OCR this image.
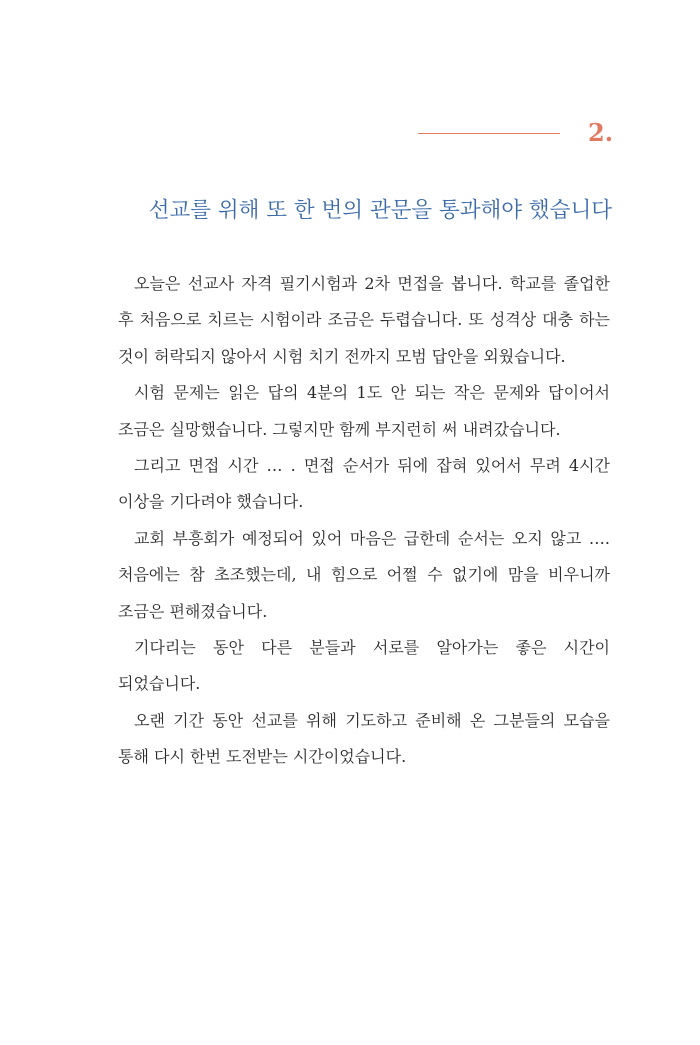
2.
선교를 위해 또 한 번의 관문을 통과해야 했습니다

오늘은 선교사 자격 필기시험과 2차 면접을 봅니다. 학교를 졸업한 후 처음으로 치르는 시험이라 조금은 두렵습니다. 또 성격상 대충 하는 것이 허락되지 않아서 시험 치기 전까지 모범 답안을 외웠습니다.

시험 문제는 읽은 답의 4분의 1도 안 되는 작은 문제와 답이어서 조금은 실망했습니다. 그렇지만 함께 부지런히 써 내려갔습니다.

그리고 면접 시간 … . 면접 순서가 뒤에 잡혀 있어서 무려 4시간 이상을 기다려야 했습니다.

교회 부흥회가 예정되어 있어 마음은 급한데 순서는 오지 않고 ….처음에는 참 초조했는데, 내 힘으로 어쩔 수 없기에 맘을 비우니까 조금은 편해졌습니다.

기다리는 동안 다른 분들과 서로를 알아가는 좋은 시간이 되었습니다.

오랜 기간 동안 선교를 위해 기도하고 준비해 온 그분들의 모습을 통해 다시 한번 도전받는 시간이었습니다.
